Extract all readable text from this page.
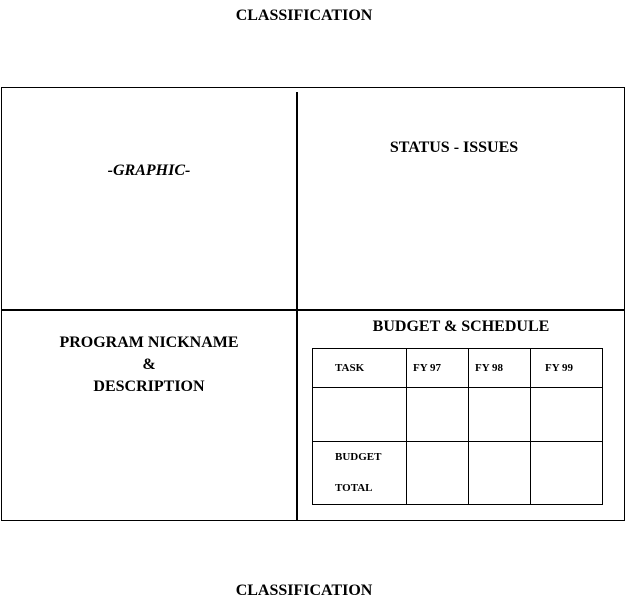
CLASSIFICATION
-GRAPHIC-
STATUS - ISSUES
PROGRAM NICKNAME
&
DESCRIPTION
BUDGET & SCHEDULE
TASK	FY 97	FY 98	FY 99

BUDGET
TOTAL			

CLASSIFICATION
